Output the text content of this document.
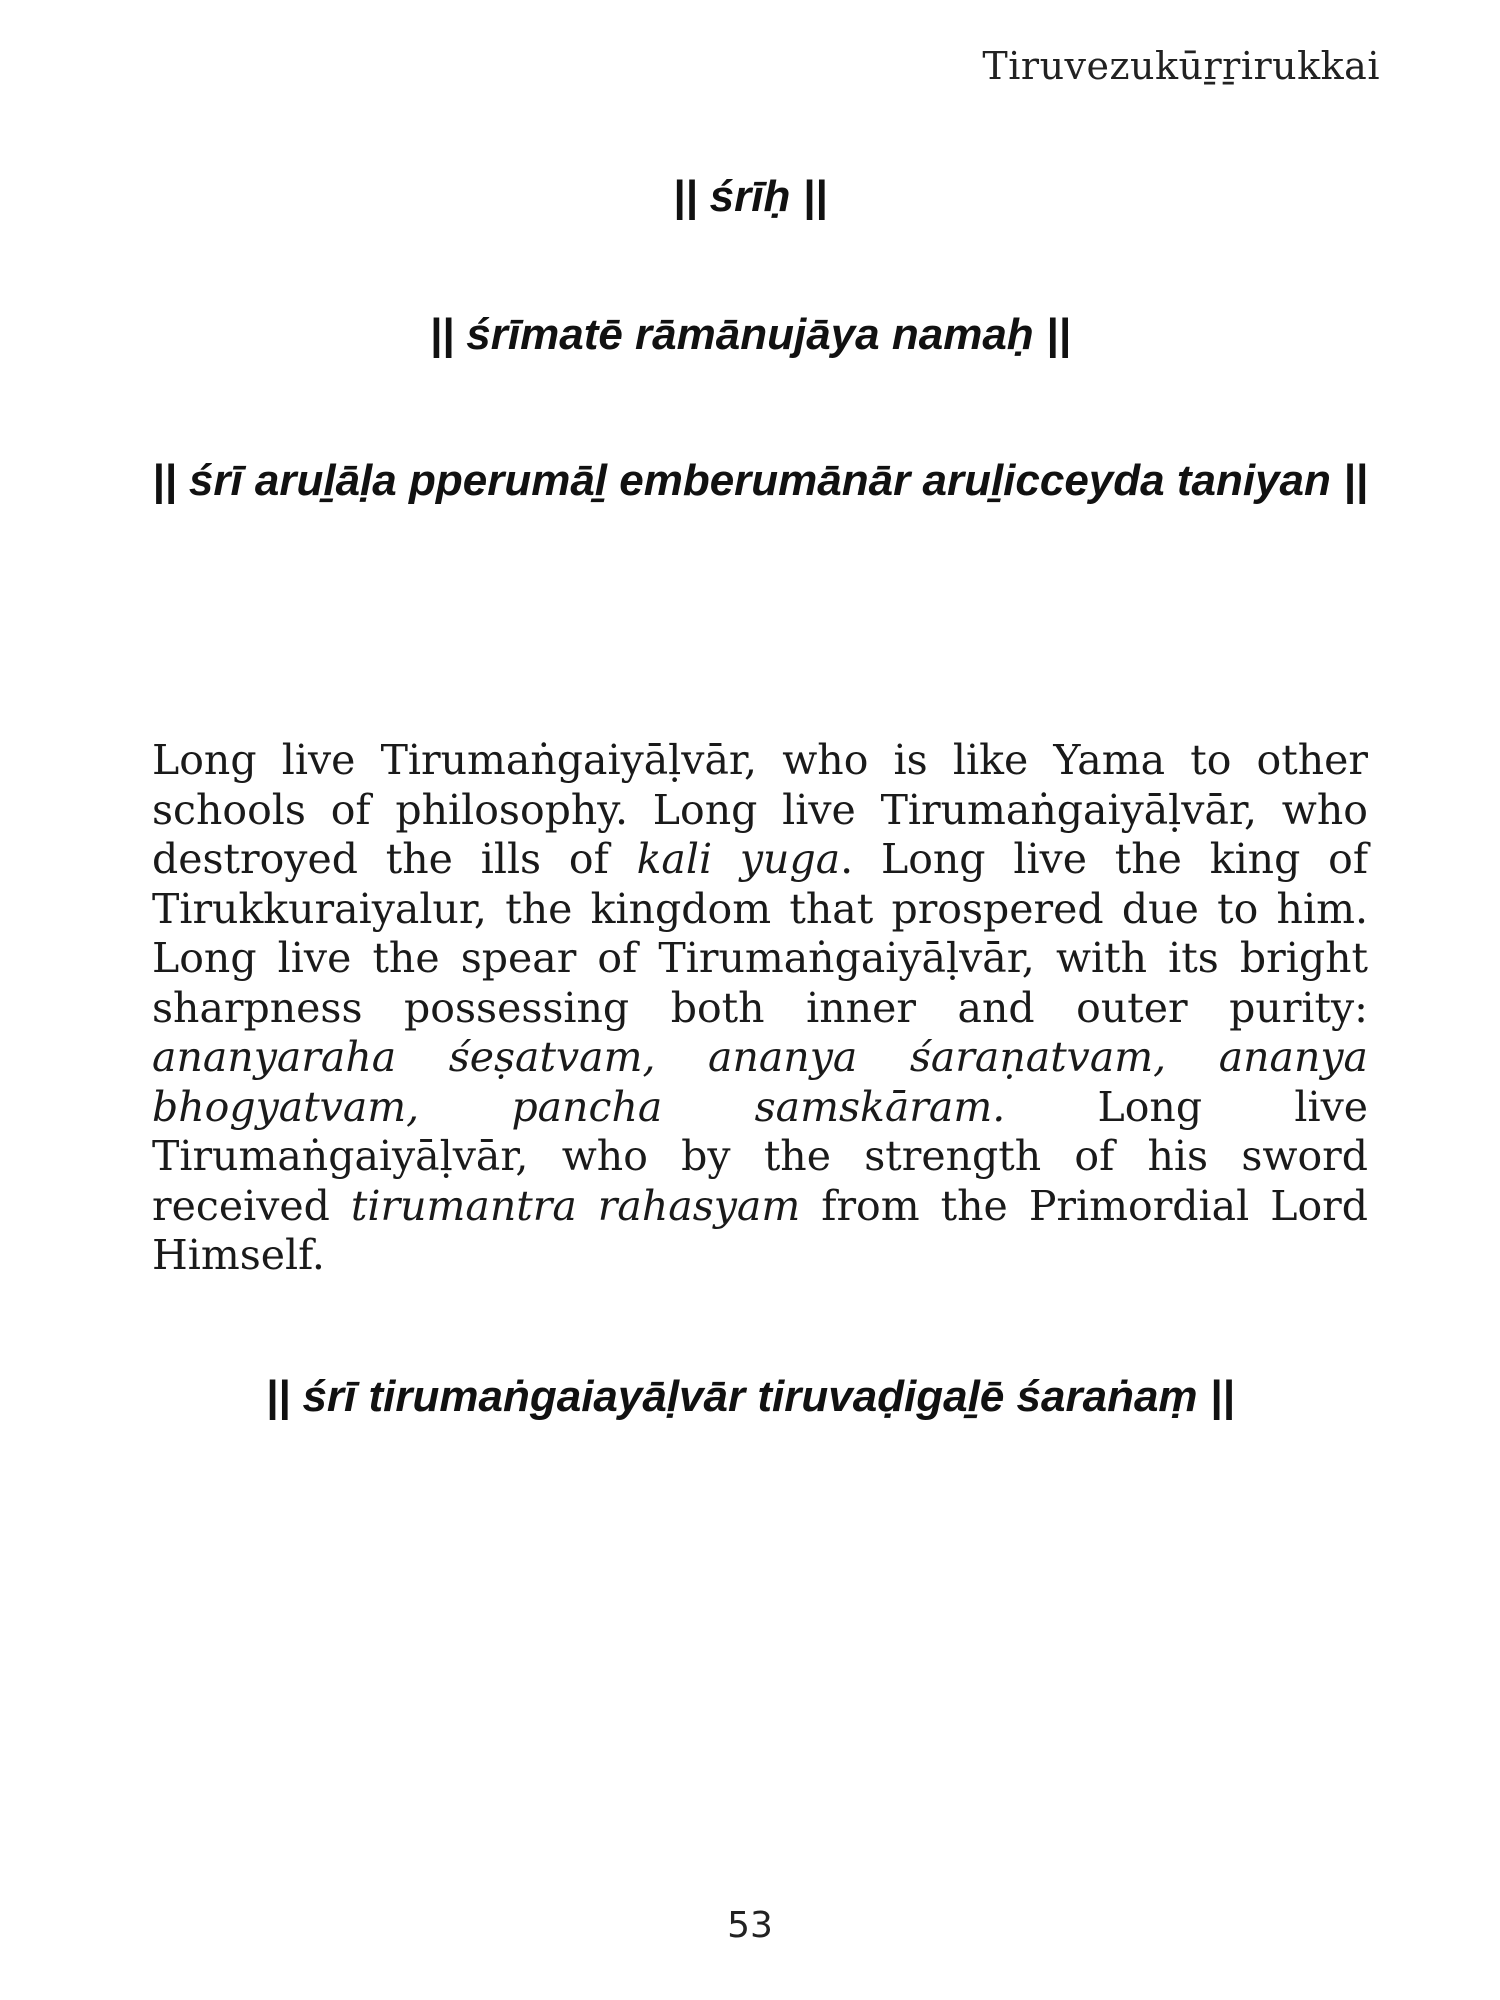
Tiruvezukūṟṟirukkai
|| śrīḥ ||
|| śrīmatē rāmānujāya namaḥ ||
|| śrī aruḻāḷa pperumāḻ emberumānār aruḻicceyda taniyan ||

Long live Tirumaṅgaiyāḷvār, who is like Yama to other schools of philosophy. Long live Tirumaṅgaiyāḷvār, who destroyed the ills of kali yuga. Long live the king of Tirukkuraiyalur, the kingdom that prospered due to him. Long live the spear of Tirumaṅgaiyāḷvār, with its bright sharpness possessing both inner and outer purity: ananyaraha śeṣatvam, ananya śaraṇatvam, ananya bhogyatvam, pancha samskāram. Long live Tirumaṅgaiyāḷvār, who by the strength of his sword received tirumantra rahasyam from the Primordial Lord Himself.

|| śrī tirumaṅgaiayāḷvār tiruvaḍigaḻē śaraṅaṃ ||
53
